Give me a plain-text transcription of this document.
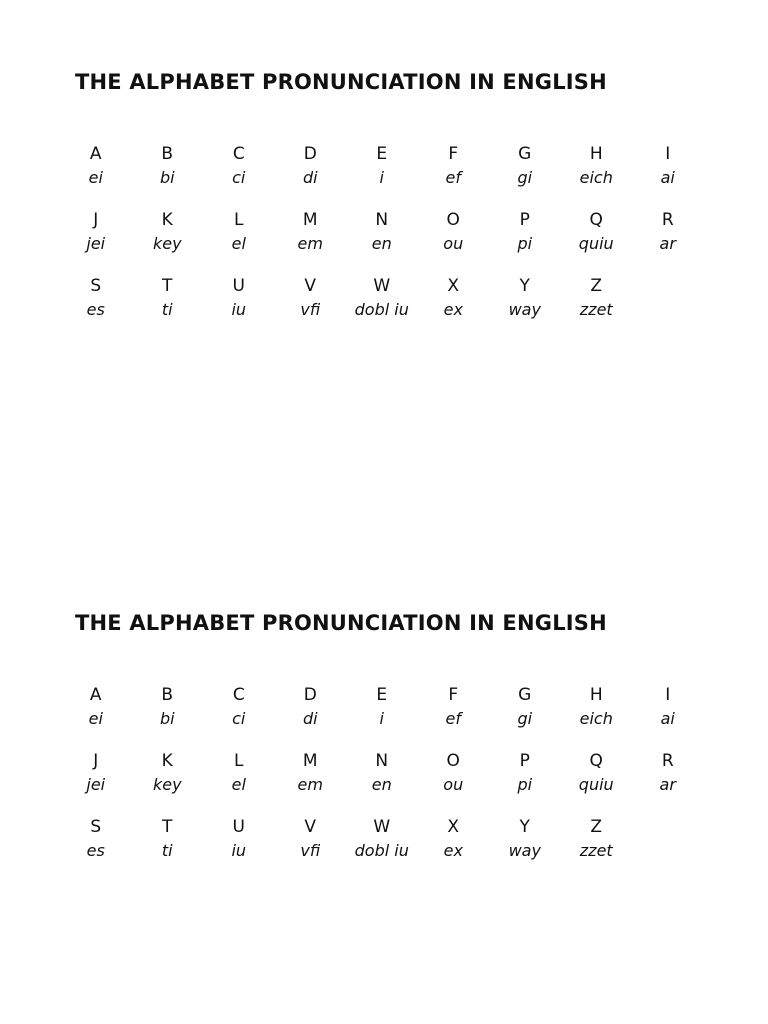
THE ALPHABET PRONUNCIATION IN ENGLISH
A
ei
B
bi
C
ci
D
di
E
i
F
ef
G
gi
H
eich
I
ai
J
jei
K
key
L
el
M
em
N
en
O
ou
P
pi
Q
quiu
R
ar
S
es
T
ti
U
iu
V
vfi
W
dobl iu
X
ex
Y
way
Z
zzet
THE ALPHABET PRONUNCIATION IN ENGLISH
A
ei
B
bi
C
ci
D
di
E
i
F
ef
G
gi
H
eich
I
ai
J
jei
K
key
L
el
M
em
N
en
O
ou
P
pi
Q
quiu
R
ar
S
es
T
ti
U
iu
V
vfi
W
dobl iu
X
ex
Y
way
Z
zzet
